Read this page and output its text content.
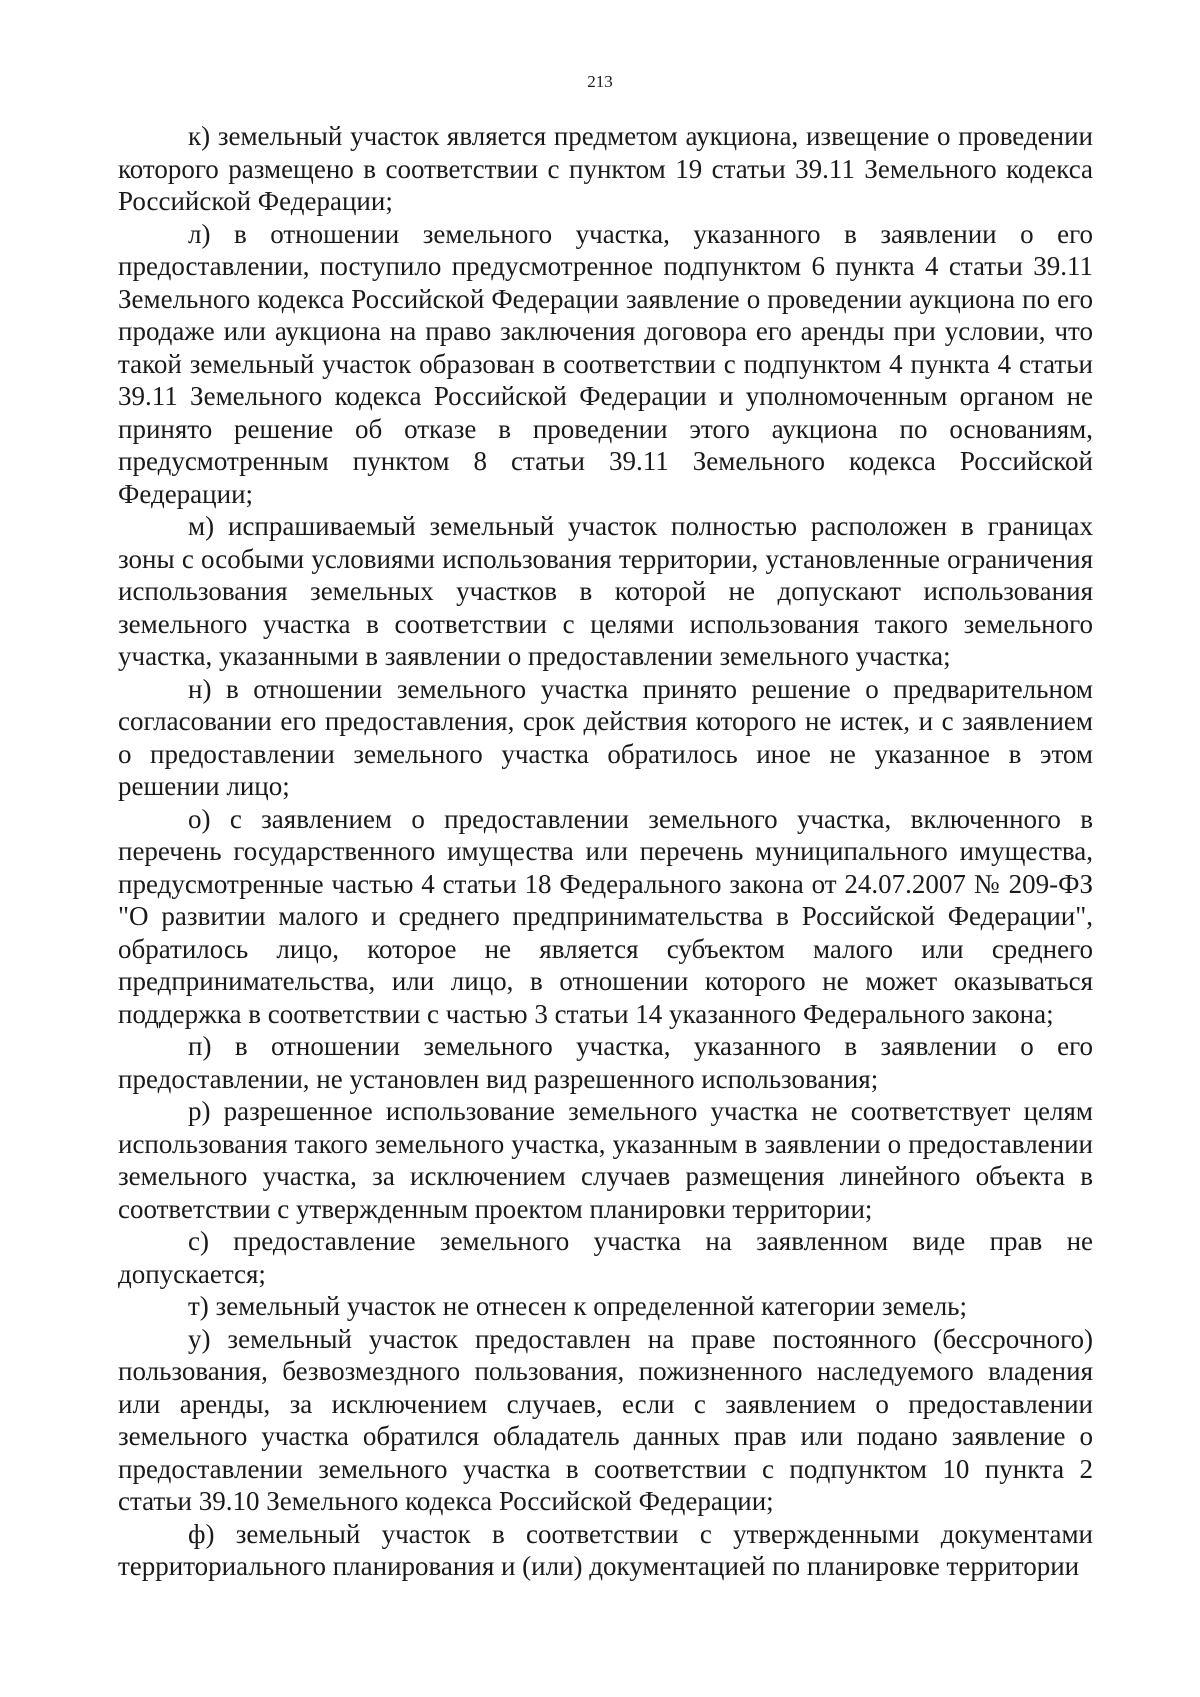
213

к) земельный участок является предметом аукциона, извещение о проведении которого размещено в соответствии с пунктом 19 статьи 39.11 Земельного кодекса Российской Федерации;

л) в отношении земельного участка, указанного в заявлении о его предоставлении, поступило предусмотренное подпунктом 6 пункта 4 статьи 39.11 Земельного кодекса Российской Федерации заявление о проведении аукциона по его продаже или аукциона на право заключения договора его аренды при условии, что такой земельный участок образован в соответствии с подпунктом 4 пункта 4 статьи 39.11 Земельного кодекса Российской Федерации и уполномоченным органом не принято решение об отказе в проведении этого аукциона по основаниям, предусмотренным пунктом 8 статьи 39.11 Земельного кодекса Российской Федерации;

м) испрашиваемый земельный участок полностью расположен в границах зоны с особыми условиями использования территории, установленные ограничения использования земельных участков в которой не допускают использования земельного участка в соответствии с целями использования такого земельного участка, указанными в заявлении о предоставлении земельного участка;

н) в отношении земельного участка принято решение о предварительном согласовании его предоставления, срок действия которого не истек, и с заявлением о предоставлении земельного участка обратилось иное не указанное в этом решении лицо;

о) с заявлением о предоставлении земельного участка, включенного в перечень государственного имущества или перечень муниципального имущества, предусмотренные частью 4 статьи 18 Федерального закона от 24.07.2007 № 209-ФЗ "О развитии малого и среднего предпринимательства в Российской Федерации", обратилось лицо, которое не является субъектом малого или среднего предпринимательства, или лицо, в отношении которого не может оказываться поддержка в соответствии с частью 3 статьи 14 указанного Федерального закона;

п) в отношении земельного участка, указанного в заявлении о его предоставлении, не установлен вид разрешенного использования;

р) разрешенное использование земельного участка не соответствует целям использования такого земельного участка, указанным в заявлении о предоставлении земельного участка, за исключением случаев размещения линейного объекта в соответствии с утвержденным проектом планировки территории;

с) предоставление земельного участка на заявленном виде прав не допускается;

т) земельный участок не отнесен к определенной категории земель;

у) земельный участок предоставлен на праве постоянного (бессрочного) пользования, безвозмездного пользования, пожизненного наследуемого владения или аренды, за исключением случаев, если с заявлением о предоставлении земельного участка обратился обладатель данных прав или подано заявление о предоставлении земельного участка в соответствии с подпунктом 10 пункта 2 статьи 39.10 Земельного кодекса Российской Федерации;

ф) земельный участок в соответствии с утвержденными документами территориального планирования и (или) документацией по планировке территории
